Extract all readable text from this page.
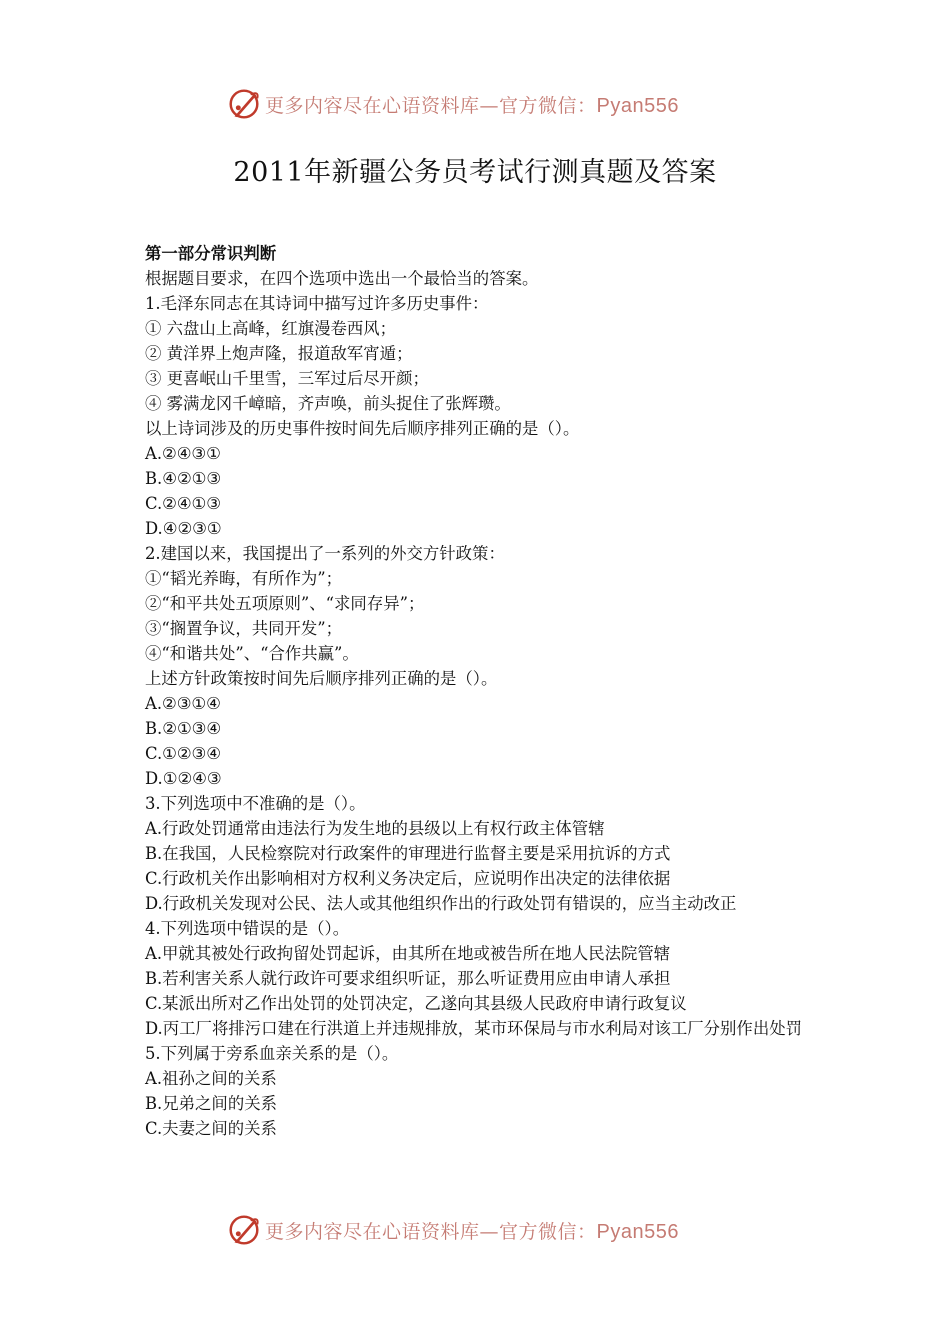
更多内容尽在心语资料库—官方微信：Pyan556
2011年新疆公务员考试行测真题及答案
第一部分常识判断
根据题目要求，在四个选项中选出一个最恰当的答案。
1.毛泽东同志在其诗词中描写过许多历史事件：
① 六盘山上高峰，红旗漫卷西风；
② 黄洋界上炮声隆，报道敌军宵遁；
③ 更喜岷山千里雪，三军过后尽开颜；
④ 雾满龙冈千嶂暗，齐声唤，前头捉住了张辉瓒。
以上诗词涉及的历史事件按时间先后顺序排列正确的是（）。
A.②④③①
B.④②①③
C.②④①③
D.④②③①
2.建国以来，我国提出了一系列的外交方针政策：
①“韬光养晦，有所作为”；
②“和平共处五项原则”、“求同存异”；
③“搁置争议，共同开发”；
④“和谐共处”、“合作共赢”。
上述方针政策按时间先后顺序排列正确的是（）。
A.②③①④
B.②①③④
C.①②③④
D.①②④③
3.下列选项中不准确的是（）。
A.行政处罚通常由违法行为发生地的县级以上有权行政主体管辖
B.在我国，人民检察院对行政案件的审理进行监督主要是采用抗诉的方式
C.行政机关作出影响相对方权利义务决定后，应说明作出决定的法律依据
D.行政机关发现对公民、法人或其他组织作出的行政处罚有错误的，应当主动改正
4.下列选项中错误的是（）。
A.甲就其被处行政拘留处罚起诉，由其所在地或被告所在地人民法院管辖
B.若利害关系人就行政许可要求组织听证，那么听证费用应由申请人承担
C.某派出所对乙作出处罚的处罚决定，乙遂向其县级人民政府申请行政复议
D.丙工厂将排污口建在行洪道上并违规排放，某市环保局与市水利局对该工厂分别作出处罚
5.下列属于旁系血亲关系的是（）。
A.祖孙之间的关系
B.兄弟之间的关系
C.夫妻之间的关系
更多内容尽在心语资料库—官方微信：Pyan556
